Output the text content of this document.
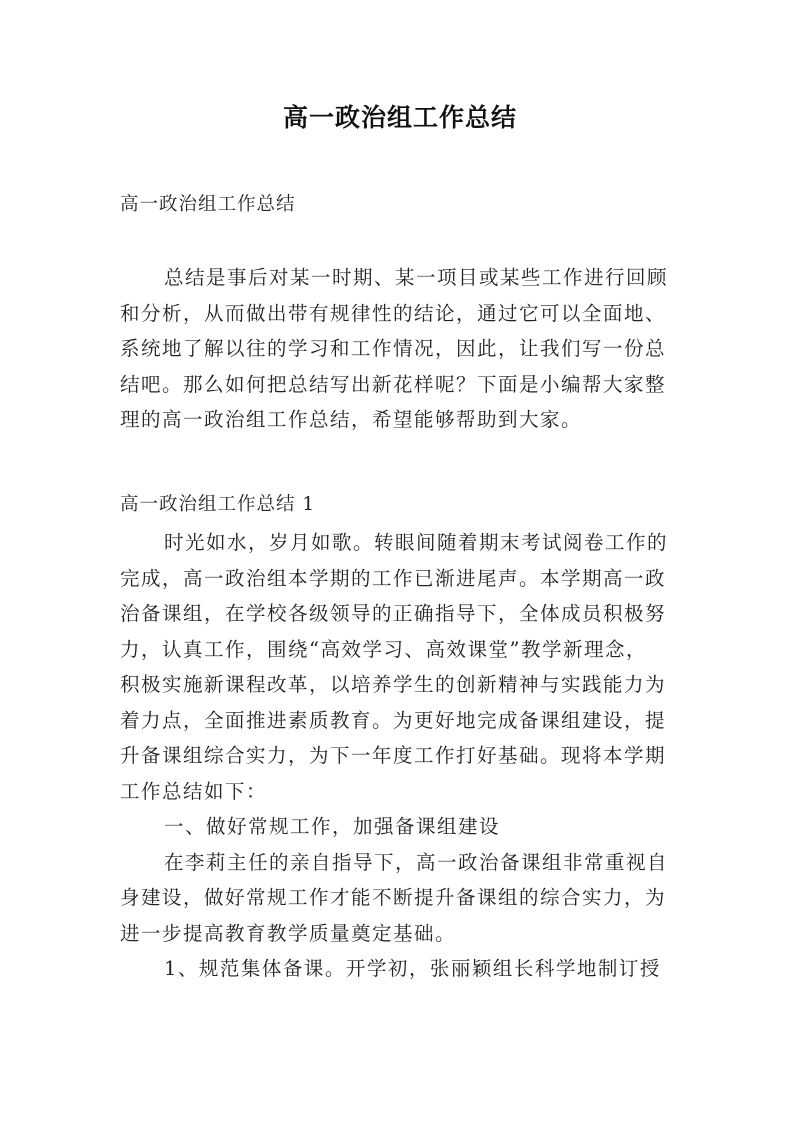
高一政治组工作总结
高一政治组工作总结
总结是事后对某一时期、某一项目或某些工作进行回顾
和分析，从而做出带有规律性的结论，通过它可以全面地、
系统地了解以往的学习和工作情况，因此，让我们写一份总
结吧。那么如何把总结写出新花样呢？下面是小编帮大家整
理的高一政治组工作总结，希望能够帮助到大家。
高一政治组工作总结 1
时光如水，岁月如歌。转眼间随着期末考试阅卷工作的
完成，高一政治组本学期的工作已渐进尾声。本学期高一政
治备课组，在学校各级领导的正确指导下，全体成员积极努
力，认真工作，围绕“高效学习、高效课堂”教学新理念，
积极实施新课程改革，以培养学生的创新精神与实践能力为
着力点，全面推进素质教育。为更好地完成备课组建设，提
升备课组综合实力，为下一年度工作打好基础。现将本学期
工作总结如下：
一、做好常规工作，加强备课组建设
在李莉主任的亲自指导下，高一政治备课组非常重视自
身建设，做好常规工作才能不断提升备课组的综合实力，为
进一步提高教育教学质量奠定基础。
1、规范集体备课。开学初，张丽颖组长科学地制订授
